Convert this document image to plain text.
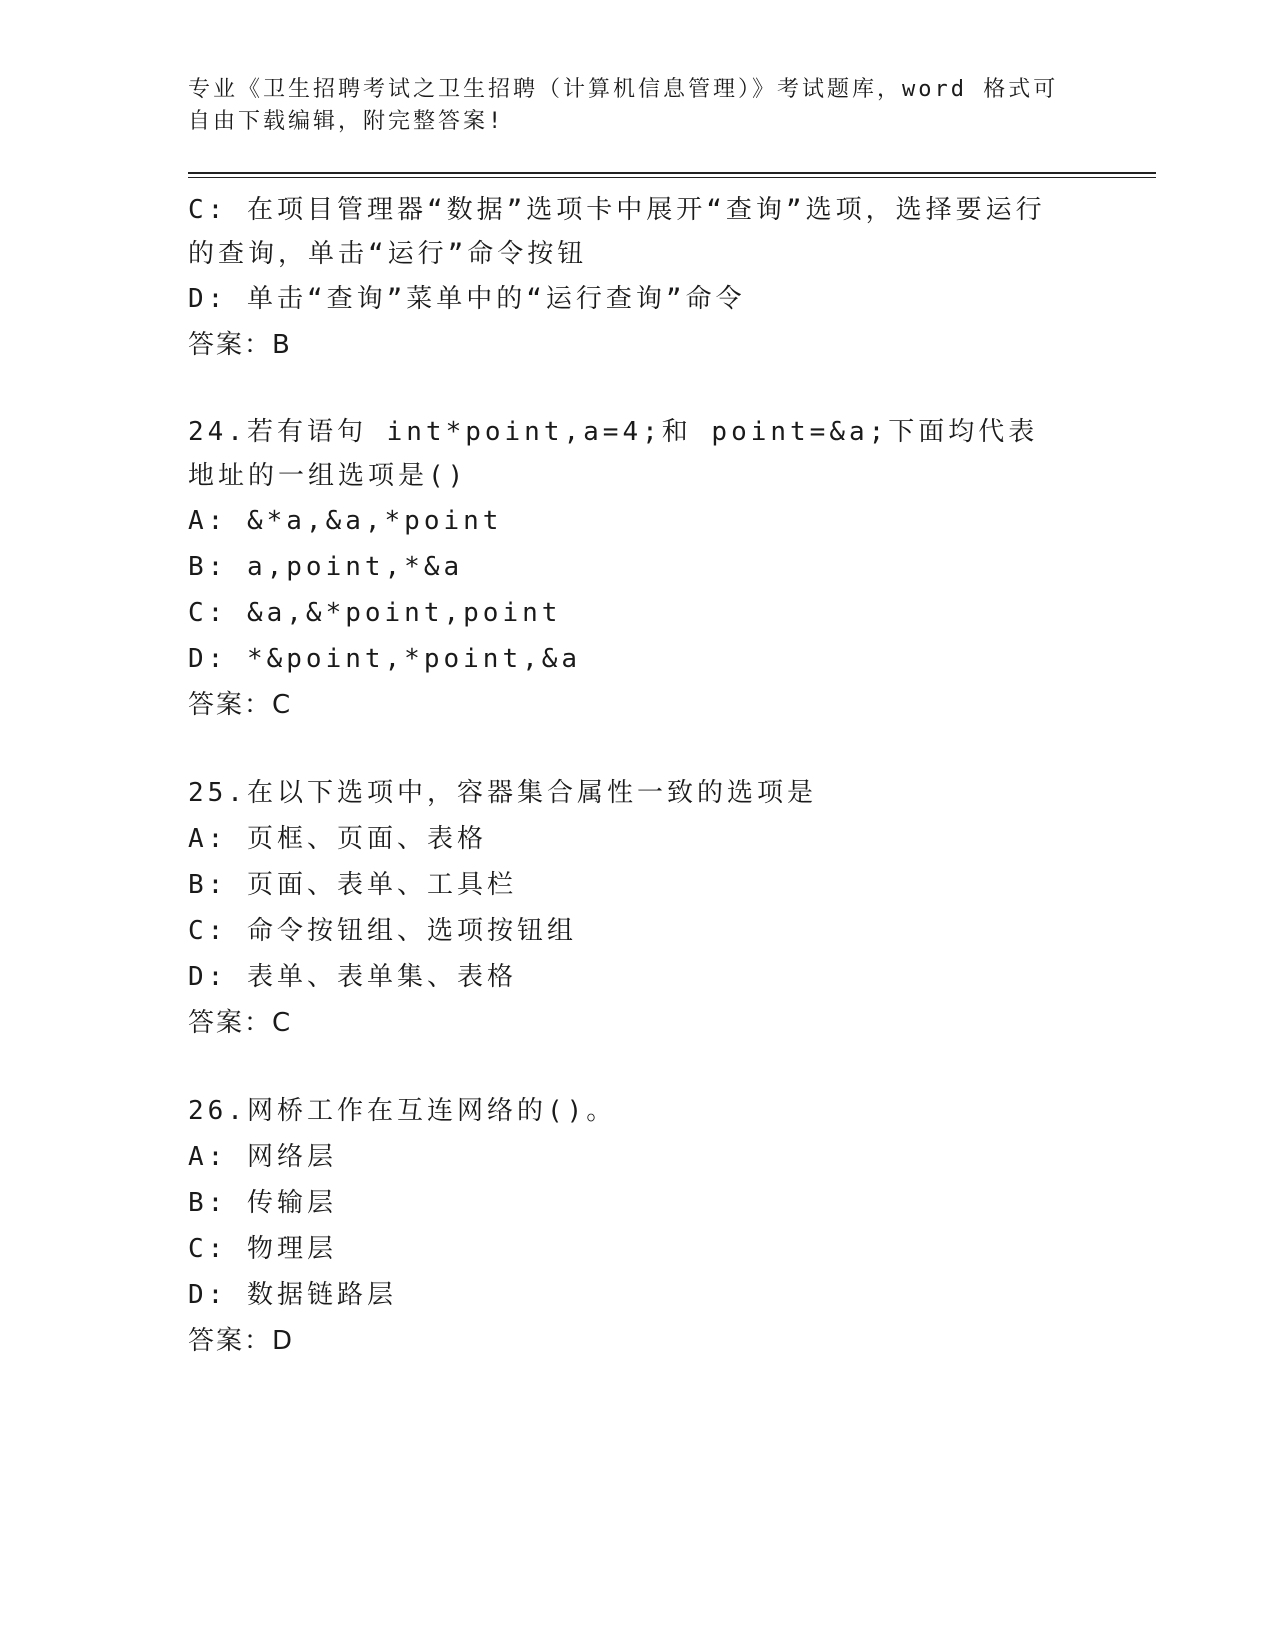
专业《卫生招聘考试之卫生招聘（计算机信息管理）》考试题库，word 格式可自由下载编辑，附完整答案!
C: 在项目管理器“数据”选项卡中展开“查询”选项，选择要运行的查询，单击“运行”命令按钮
D: 单击“查询”菜单中的“运行查询”命令
答案：B
24.若有语句 int*point,a=4;和 point=&a;下面均代表地址的一组选项是()
A: &*a,&a,*point
B: a,point,*&a
C: &a,&*point,point
D: *&point,*point,&a
答案：C
25.在以下选项中，容器集合属性一致的选项是
A: 页框、页面、表格
B: 页面、表单、工具栏
C: 命令按钮组、选项按钮组
D: 表单、表单集、表格
答案：C
26.网桥工作在互连网络的()。
A: 网络层
B: 传输层
C: 物理层
D: 数据链路层
答案：D
